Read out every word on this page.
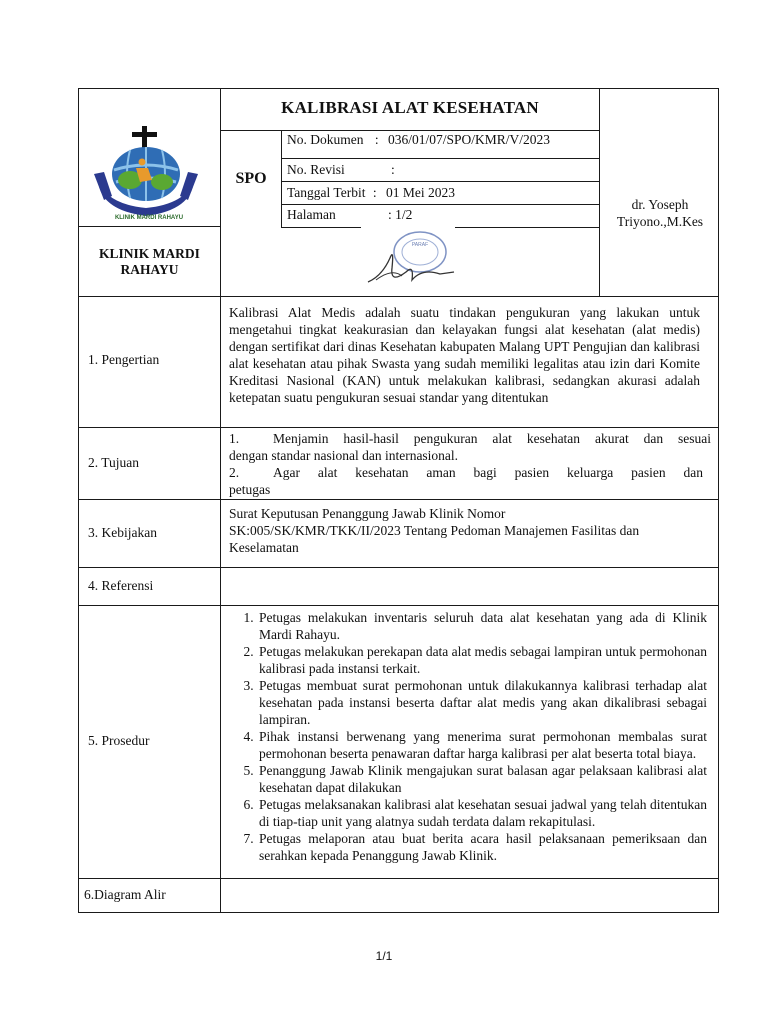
KLINIK MARDI RAHAYU
KALIBRASI ALAT KESEHATAN
SPO
No. Dokumen : 036/01/07/SPO/KMR/V/2023
No. Revisi	:
Tanggal Terbit : 01 Mei 2023
Halaman	: 1/2
dr. Yoseph
Triyono.,M.Kes
KLINIK MARDI
RAHAYU
PARAF
1. Pengertian
Kalibrasi Alat Medis adalah suatu tindakan pengukuran yang lakukan untuk mengetahui tingkat keakurasian dan kelayakan fungsi alat kesehatan (alat medis) dengan sertifikat dari dinas Kesehatan kabupaten Malang UPT Pengujian dan kalibrasi alat kesehatan atau pihak Swasta yang sudah memiliki legalitas atau izin dari Komite Kreditasi Nasional (KAN) untuk melakukan kalibrasi, sedangkan akurasi adalah ketepatan suatu pengukuran sesuai standar yang ditentukan
2. Tujuan
1.	Menjamin hasil-hasil pengukuran alat kesehatan akurat dan sesuai
dengan standar nasional dan internasional.
2.	Agar alat kesehatan aman bagi pasien keluarga pasien dan
petugas
3. Kebijakan
Surat Keputusan Penanggung Jawab Klinik Nomor
SK:005/SK/KMR/TKK/II/2023 Tentang Pedoman Manajemen Fasilitas dan
Keselamatan
4. Referensi
5. Prosedur
1. Petugas melakukan inventaris seluruh data alat kesehatan yang ada di Klinik Mardi Rahayu.
2. Petugas melakukan perekapan data alat medis sebagai lampiran untuk permohonan kalibrasi pada instansi terkait.
3. Petugas membuat surat permohonan untuk dilakukannya kalibrasi terhadap alat kesehatan pada instansi beserta daftar alat medis yang akan dikalibrasi sebagai lampiran.
4. Pihak instansi berwenang yang menerima surat permohonan membalas surat permohonan beserta penawaran daftar harga kalibrasi per alat beserta total biaya.
5. Penanggung Jawab Klinik mengajukan surat balasan agar pelaksaan kalibrasi alat kesehatan dapat dilakukan
6. Petugas melaksanakan kalibrasi alat kesehatan sesuai jadwal yang telah ditentukan di tiap-tiap unit yang alatnya sudah terdata dalam rekapitulasi.
7. Petugas melaporan atau buat berita acara hasil pelaksanaan pemeriksaan dan serahkan kepada Penanggung Jawab Klinik.
6.Diagram Alir
1/1
